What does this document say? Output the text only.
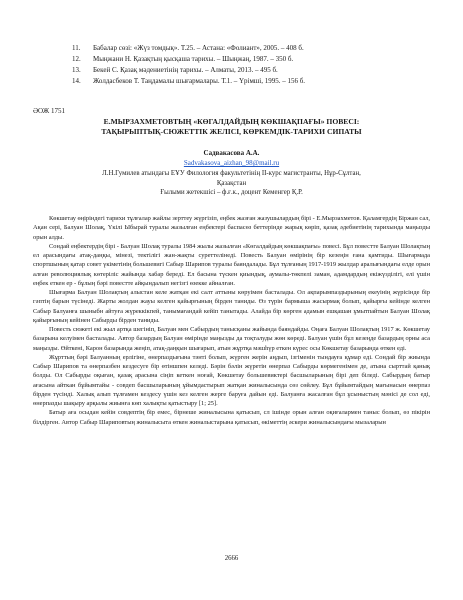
11.	Бабалар сөзі: «Жүз томдық». Т.25. – Астана: «Фолиант», 2005. – 408 б.
12.	Мыңжани Н. Қазақтың қысқаша тарихы. – Шыңжаң, 1987. – 350 б.
13.	Бекей С. Қазақ мәдениетінің тарихы. – Алматы, 2013. – 495 б.
14.	Жолдасбеков Т. Таңдамалы шығармалары. Т.1. – Үрімші, 1995. – 156 б.
ӘОЖ 1751
Е.МЫРЗАХМЕТОВТЫҢ «КӨГАЛДАЙДЫҢ КӨКШАҚПАҒЫ» ПОВЕСІ:
ТАҚЫРЫПТЫҚ-СЮЖЕТТІК ЖЕЛІСІ, КӨРКЕМДІК-ТАРИХИ СИПАТЫ
Садвакасова А.А.
Sadvakasova_aizhan_98@mail.ru
Л.Н.Гумилев атындағы ЕҰУ Филология факультетінің II-курс магистранты, Нұр-Сұлтан,
Қазақстан
Ғылыми жетекшісі – ф.ғ.к., доцент Кеменгер Қ.Р.

Көкшетау өңіріндегі тарихи тұлғалар жайлы зерттеу жүргізіп, еңбек жазған жазушылардың бірі - Е.Мырзахметов. Қаламгердің Біржан сал, Ақан сері, Балуан Шолақ, Үкілі Ыбырай туралы жазылған еңбектері баспасөз беттерінде жарық көріп, қазақ әдебиетінің тарихында маңызды орын алды.

Сондай еңбектердің бірі - Балуан Шолақ туралы 1984 жылы жазылған «Көгалдайдың көкшақпағы» повесі. Бұл повестте Балуан Шолақтың ел арасындағы атақ-даңқы, мінезі, тектілігі жан-жақты суреттелінеді. Повесть Балуан өмірінің бір кезеңін ғана қамтиды. Шығармада спортшының қатар совет үкіметінің большевигі Сабыр Шарипов туралы баяндалады. Бұл тұлғаның 1917-1919 жылдар аралығындағы елде орын алған революциялық көтеріліс жайында хабар береді. Ел басына түскен қиындық, аумалы-төкпелі заман, адамдардың екіжүзділігі, елі үшін еңбек еткен ер - бұлың бәрі повестте айқындалып негізгі өзекке айналған.

Шығарма Балуан Шолақтың алыстан келе жатқан екі салт аттыны көруімен басталады. Ол ақпарымпаздырының екеуінің жүрісінде бір гәптің барын түсінеді. Жарты жолдан жауы келген қайырғының бірден таниды. Өз түрін бармыша жасырмақ болып, қайырғы кейінде келген Сабыр Балуанға шыныбн айтуға жүреккікпей, танымағандай кейіп танытады. Алайда бір көрген адамын ешқашан ұмытпайтын Балуан Шолақ қайырғының кейінен Сабырды бірден таниды.

Повесть сюжеті екі жыл артқа шегініп, Балуан мен Сабырдың танысқаны жайында баяндайды. Оңаға Балуан Шолақтың 1917 ж. Көкшетау базарына келуімен басталады. Автор базардың Балуан өмірінде маңызды да тоқталуды жөн көреді. Балуан үшін бұл кезеңде базардың орны аса маңызды. Өйткені, Карон базарында жеңіп, атақ-даңқын шығарып, атын жұртқа мәшһүр еткен күрес осы Көкшетау базарында өткен еді.

Жұрттың бәрі Балуанның ерлігіне, өнерпаздығына тәнті болып, жүрген жерін аңдып, ізгіменін тындауға құмар еді. Сондай бір жиында Сабыр Шарипов та өнерпазбен кездесуге бір өтіншпен келеді. Бәрін бәлін жүретін өнерпаз Сабырды көрмегенімен де, атына сырттай қанық болды. Ол Сабырды оқыған, қазақ арасына сіңіп кеткен ноғай, Көкшетау большевиктері басшыларының бірі деп біледі. Сабырдың батыр ағасына айткан бұйымтайы - совдеп басшыларының ұйымдастырып жатқан жиналысында сөз сөйлеу. Бұл бұйымтайдың мағынасын өнерпаз бірден түсінді. Халық алып тұлғамен кездесу үшін кез келген жерге баруға дайын еді. Балуанға жасалған бұл ұсыныстың мәнісі де сол еді, өнерпазды шақыру арқылы жиынға көп халықты қатыстыру [1; 25].

Батыр аға осыдан кейін совдептің бір емес, бірнеше жиналысына қатысып, сл ішінде орын алған оқиғалармен таныс болып, өз пікірін білдірген. Автор Сабыр Шариповтың жиналысыта өткен жиналыстарына қатысып, өкіметтің әскери жиналысындағы мызаларын

2666
